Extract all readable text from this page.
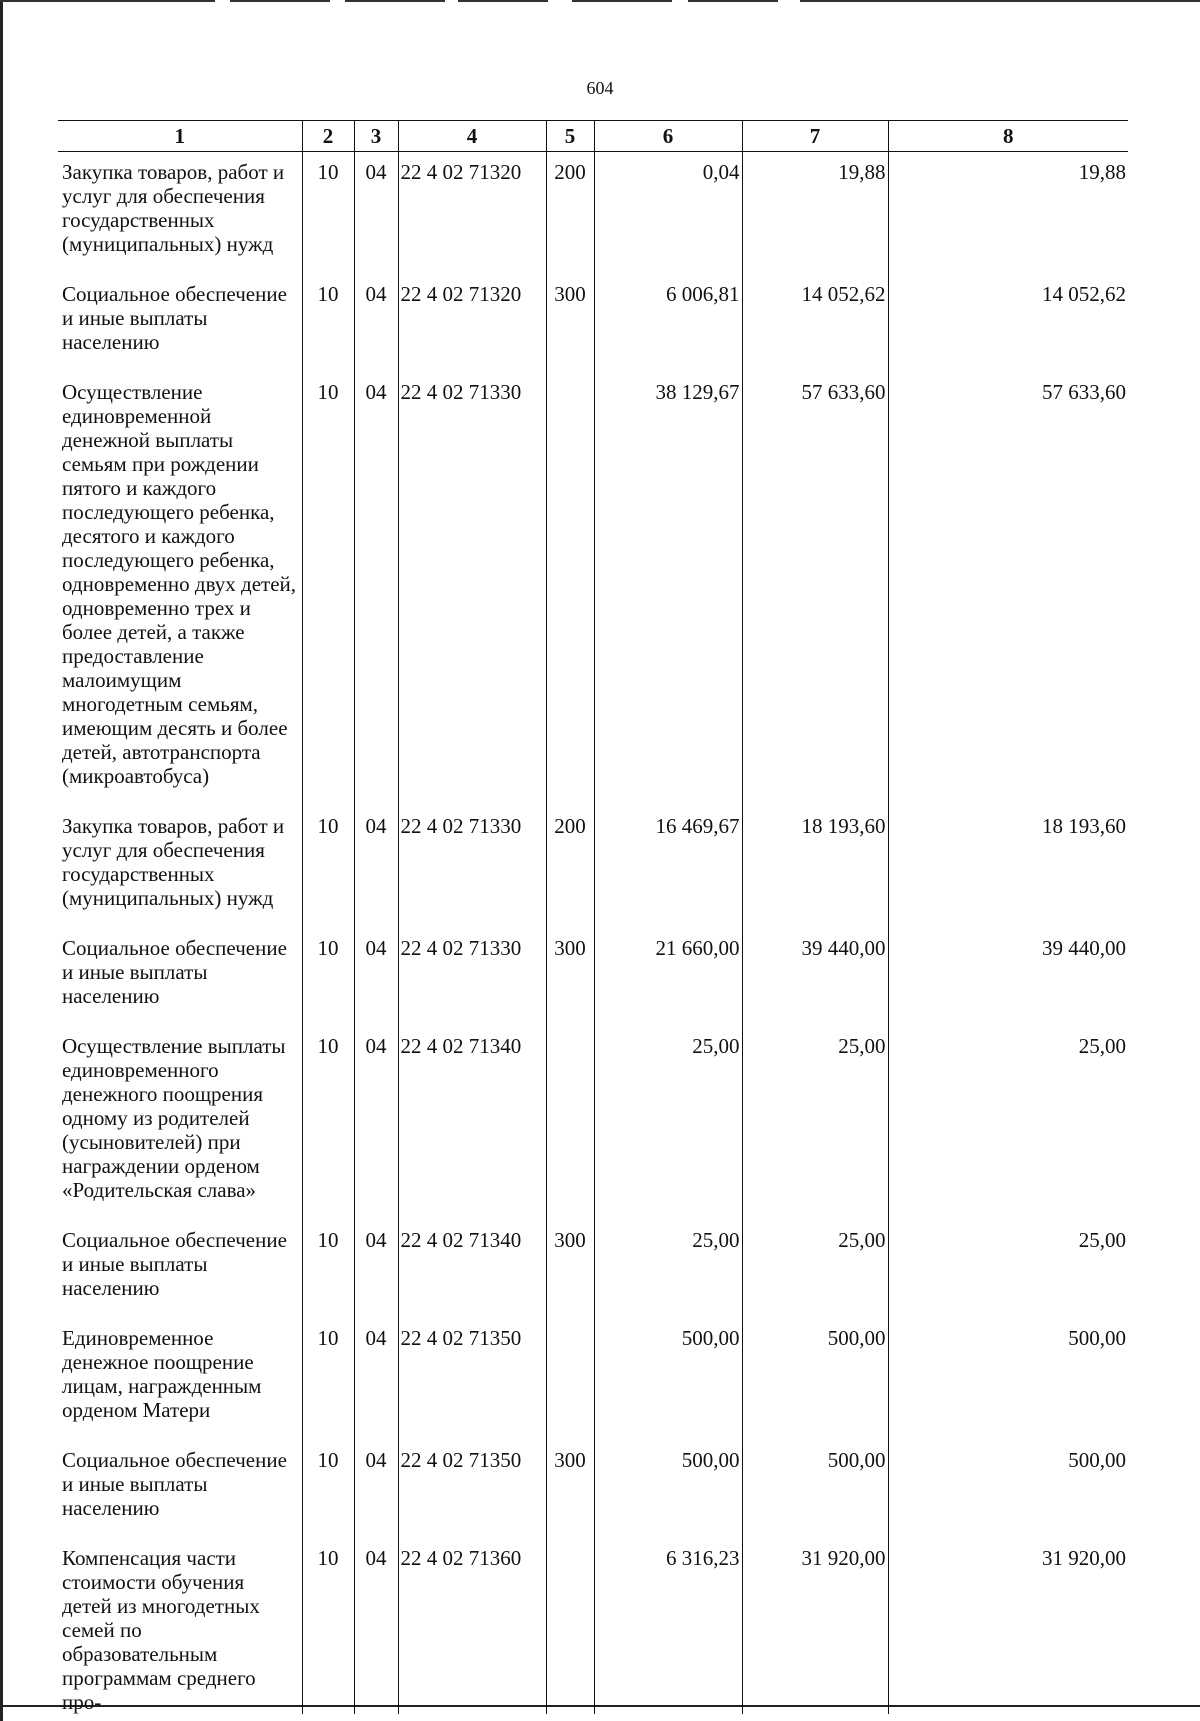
604
1	2	3	4	5	6	7	8
Закупка товаров, работ и услуг для обеспечения государственных (муниципальных) нужд	10	04	22 4 02 71320	200	0,04	19,88	19,88
Социальное обеспечение и иные выплаты населению	10	04	22 4 02 71320	300	6 006,81	14 052,62	14 052,62
Осуществление единовременной денежной выплаты семьям при рождении пятого и каждого последующего ребенка, десятого и каждого последующего ребенка, одновременно двух детей, одновременно трех и более детей, а также предоставление малоимущим многодетным семьям, имеющим десять и более детей, автотранспорта (микроавтобуса)	10	04	22 4 02 71330		38 129,67	57 633,60	57 633,60
Закупка товаров, работ и услуг для обеспечения государственных (муниципальных) нужд	10	04	22 4 02 71330	200	16 469,67	18 193,60	18 193,60
Социальное обеспечение и иные выплаты населению	10	04	22 4 02 71330	300	21 660,00	39 440,00	39 440,00
Осуществление выплаты единовременного денежного поощрения одному из родителей (усыновителей) при награждении орденом «Родительская слава»	10	04	22 4 02 71340		25,00	25,00	25,00
Социальное обеспечение и иные выплаты населению	10	04	22 4 02 71340	300	25,00	25,00	25,00
Единовременное денежное поощрение лицам, награжденным орденом Матери	10	04	22 4 02 71350		500,00	500,00	500,00
Социальное обеспечение и иные выплаты населению	10	04	22 4 02 71350	300	500,00	500,00	500,00
Компенсация части стоимости обучения детей из многодетных семей по образовательным программам среднего про-	10	04	22 4 02 71360		6 316,23	31 920,00	31 920,00
